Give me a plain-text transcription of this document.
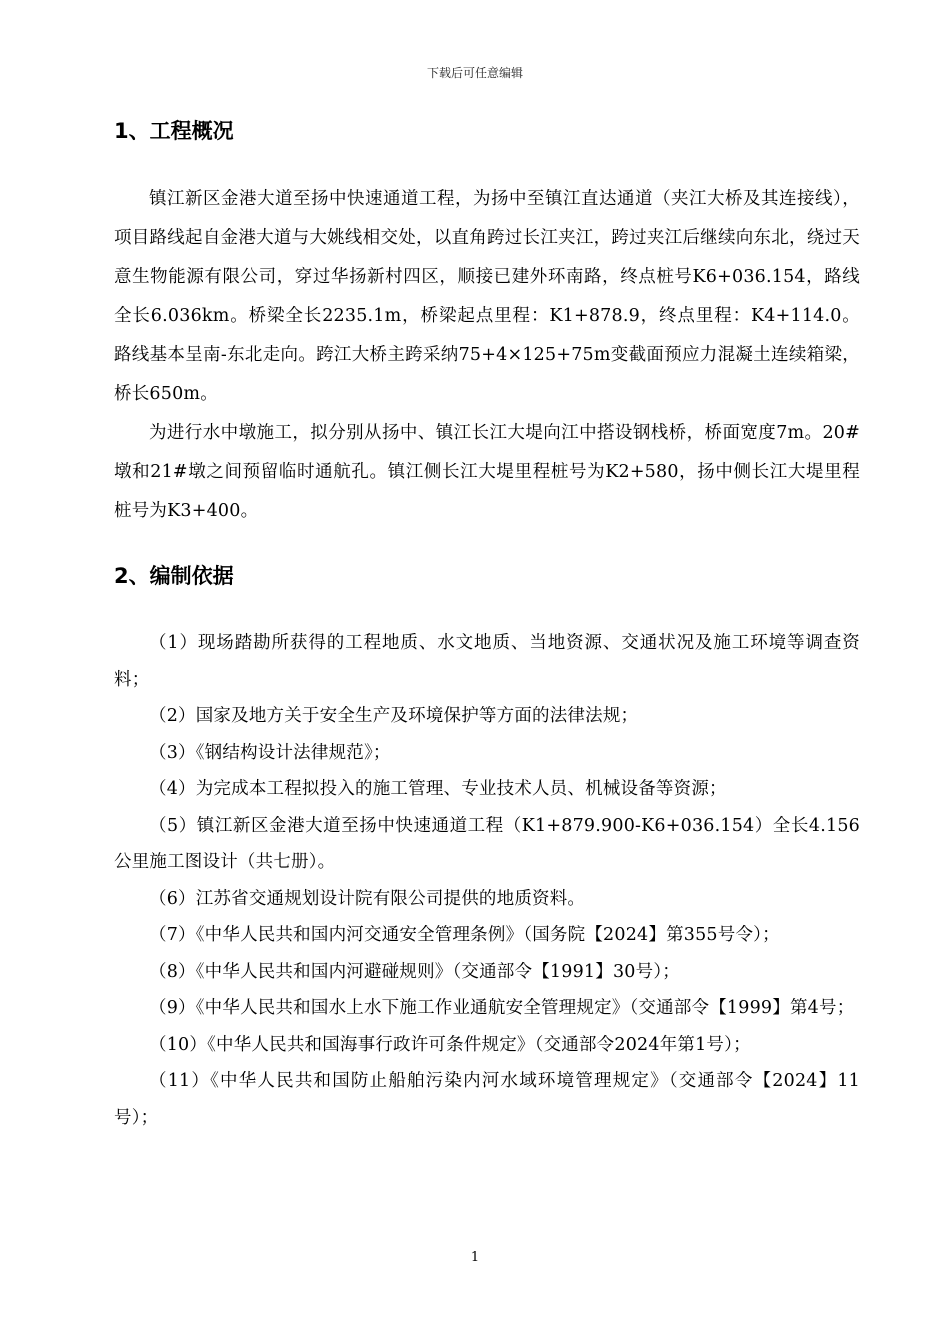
下载后可任意编辑
1、工程概况

镇江新区金港大道至扬中快速通道工程，为扬中至镇江直达通道（夹江大桥及其连接线），项目路线起自金港大道与大姚线相交处，以直角跨过长江夹江，跨过夹江后继续向东北，绕过天意生物能源有限公司，穿过华扬新村四区，顺接已建外环南路，终点桩号K6+036.154，路线全长6.036km。桥梁全长2235.1m，桥梁起点里程：K1+878.9，终点里程：K4+114.0。路线基本呈南-东北走向。跨江大桥主跨采纳75+4×125+75m变截面预应力混凝土连续箱梁，桥长650m。

为进行水中墩施工，拟分别从扬中、镇江长江大堤向江中搭设钢栈桥，桥面宽度7m。20#墩和21#墩之间预留临时通航孔。镇江侧长江大堤里程桩号为K2+580，扬中侧长江大堤里程桩号为K3+400。

2、编制依据

（1）现场踏勘所获得的工程地质、水文地质、当地资源、交通状况及施工环境等调查资料；

（2）国家及地方关于安全生产及环境保护等方面的法律法规；

（3）《钢结构设计法律规范》；

（4）为完成本工程拟投入的施工管理、专业技术人员、机械设备等资源；

（5）镇江新区金港大道至扬中快速通道工程（K1+879.900-K6+036.154）全长4.156公里施工图设计（共七册）。

（6）江苏省交通规划设计院有限公司提供的地质资料。

（7）《中华人民共和国内河交通安全管理条例》（国务院【2024】第355号令）；

（8）《中华人民共和国内河避碰规则》（交通部令【1991】30号）；

（9）《中华人民共和国水上水下施工作业通航安全管理规定》（交通部令【1999】第4号；

（10）《中华人民共和国海事行政许可条件规定》（交通部令2024年第1号）；

（11）《中华人民共和国防止船舶污染内河水域环境管理规定》（交通部令【2024】11号）；

1
